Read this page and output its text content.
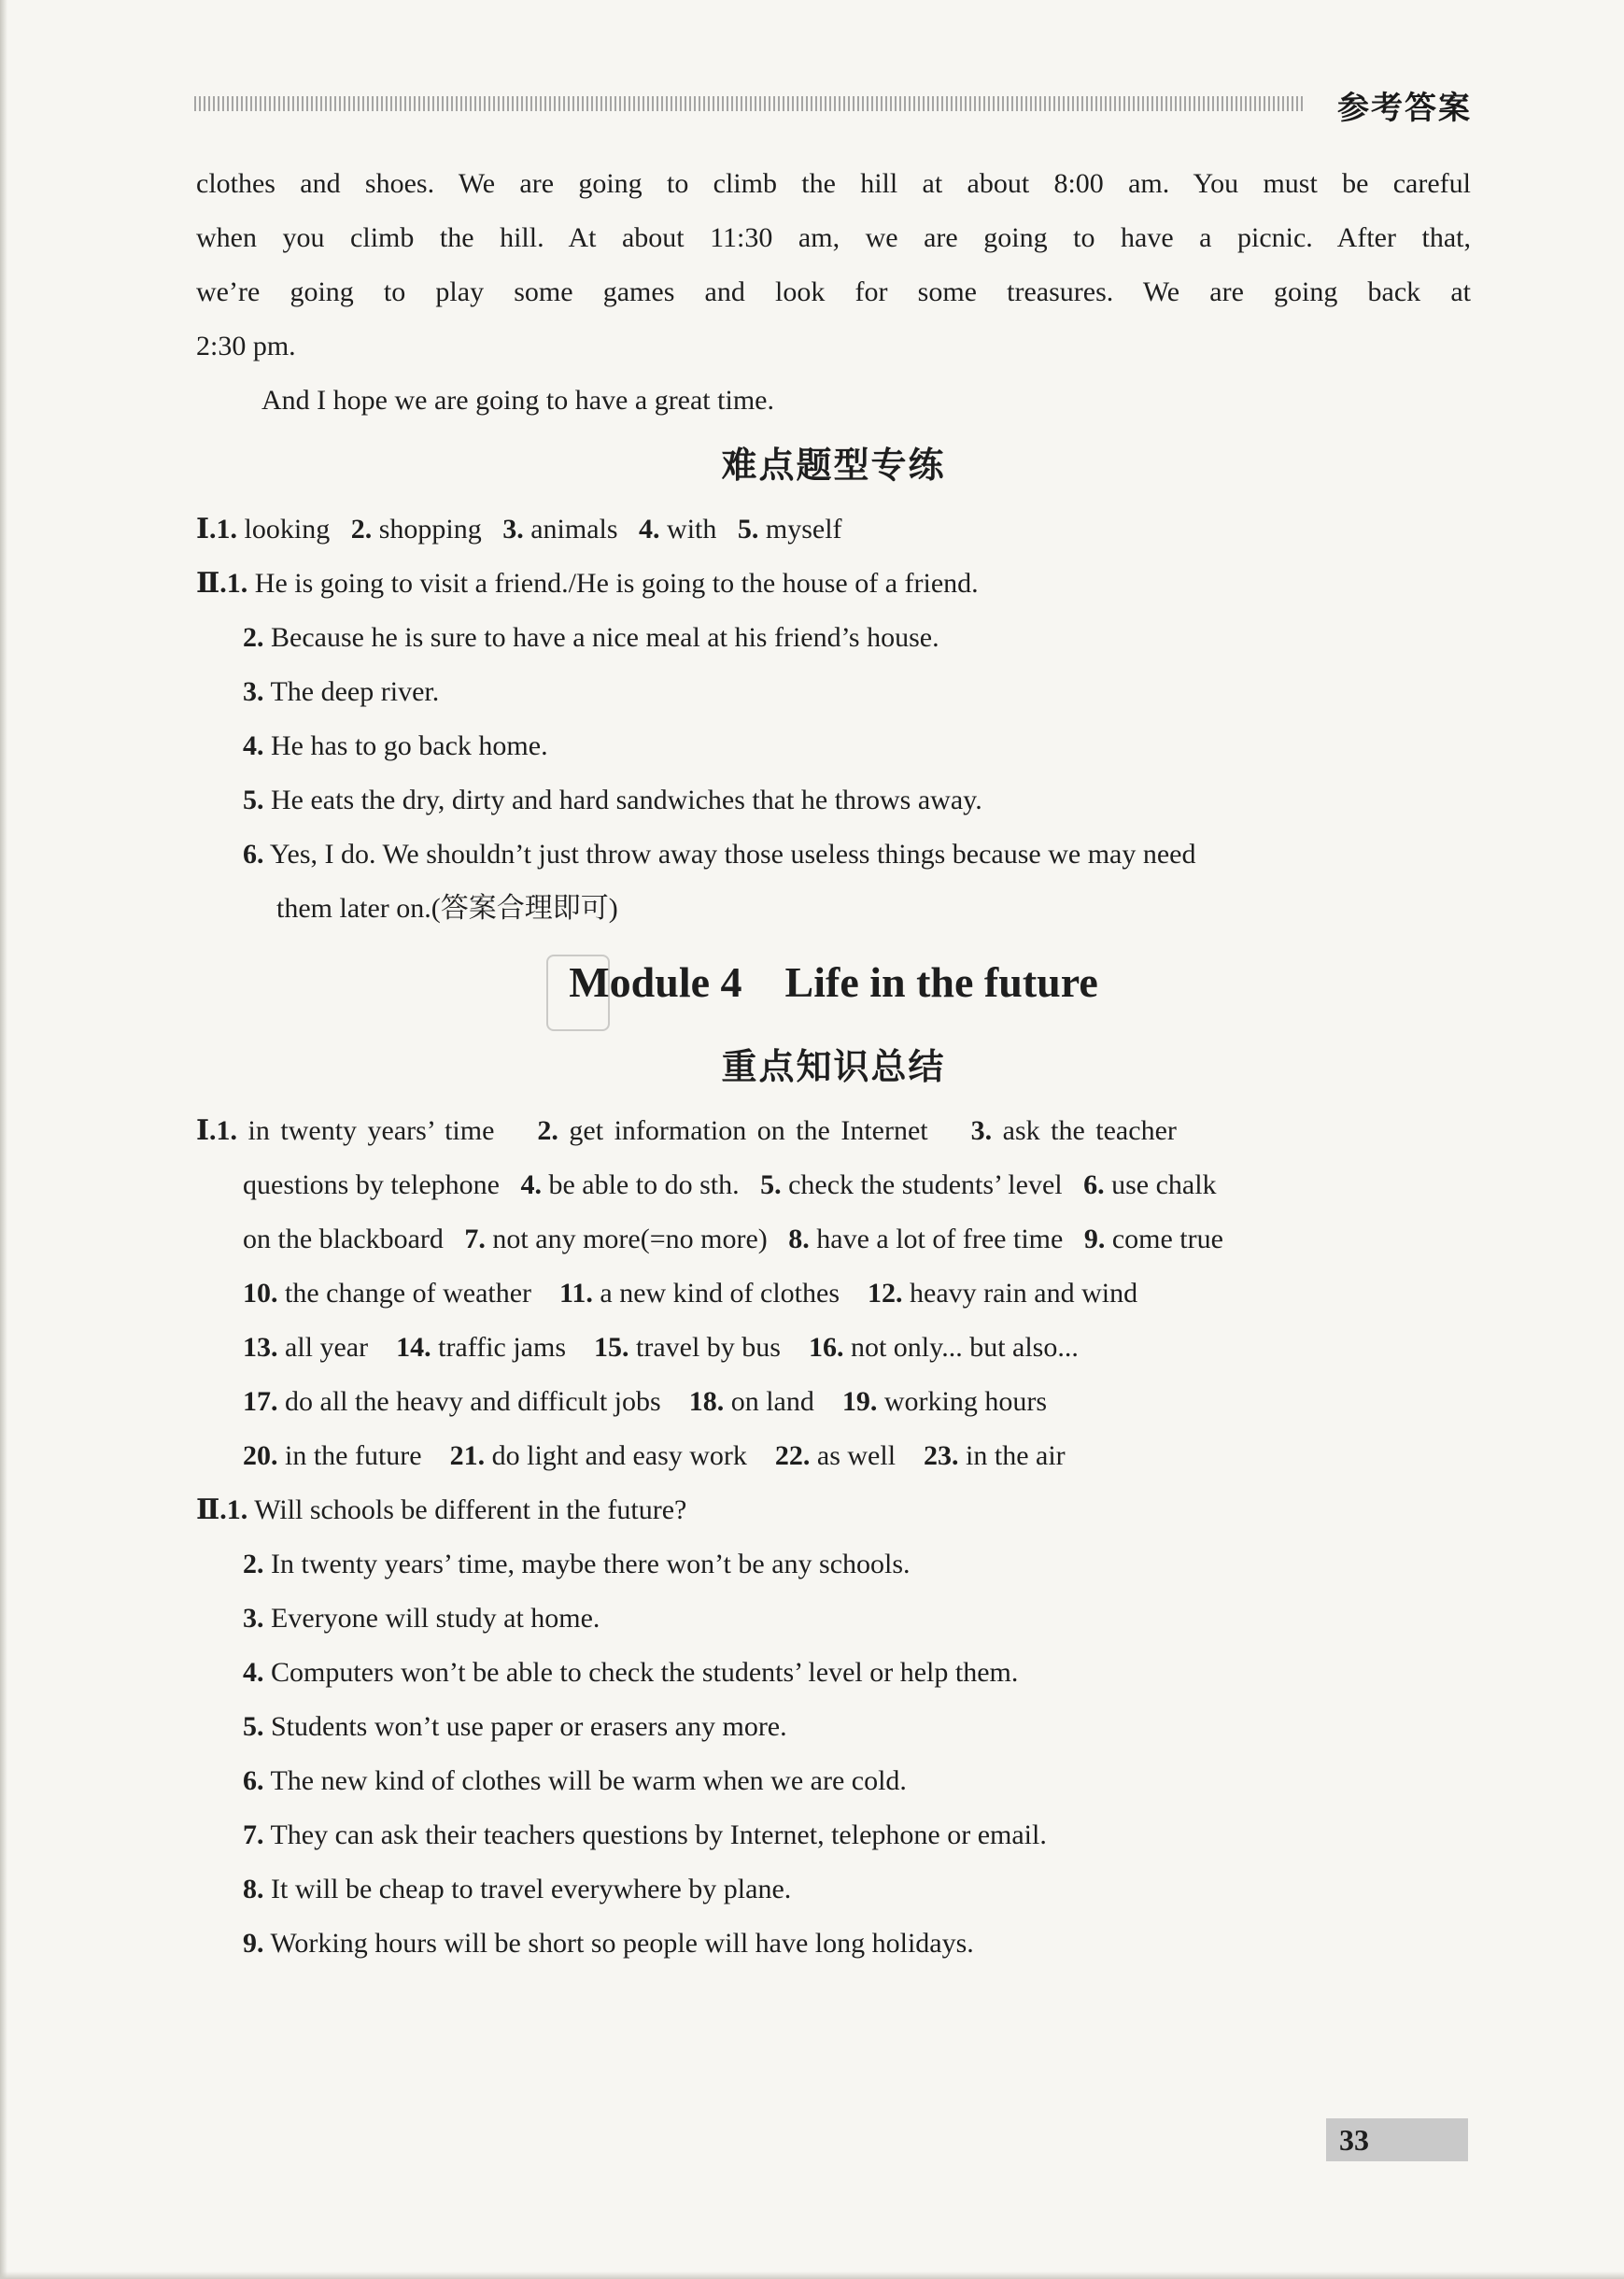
参考答案
clothes and shoes. We are going to climb the hill at about 8:00 am. You must be careful
when you climb the hill. At about 11:30 am, we are going to have a picnic. After that,
we’re going to play some games and look for some treasures. We are going back at
2:30 pm.
And I hope we are going to have a great time.
难点题型专练
Ⅰ.1. looking 2. shopping 3. animals 4. with 5. myself
Ⅱ.1. He is going to visit a friend./He is going to the house of a friend.
2. Because he is sure to have a nice meal at his friend’s house.
3. The deep river.
4. He has to go back home.
5. He eats the dry, dirty and hard sandwiches that he throws away.
6. Yes, I do. We shouldn’t just throw away those useless things because we may need
them later on.(答案合理即可)
Module 4    Life in the future
重点知识总结
Ⅰ.1. in twenty years’ time 2. get information on the Internet 3. ask the teacher
questions by telephone 4. be able to do sth. 5. check the students’ level 6. use chalk
on the blackboard 7. not any more(=no more) 8. have a lot of free time 9. come true
10. the change of weather 11. a new kind of clothes 12. heavy rain and wind
13. all year 14. traffic jams 15. travel by bus 16. not only... but also...
17. do all the heavy and difficult jobs 18. on land 19. working hours
20. in the future 21. do light and easy work 22. as well 23. in the air
Ⅱ.1. Will schools be different in the future?
2. In twenty years’ time, maybe there won’t be any schools.
3. Everyone will study at home.
4. Computers won’t be able to check the students’ level or help them.
5. Students won’t use paper or erasers any more.
6. The new kind of clothes will be warm when we are cold.
7. They can ask their teachers questions by Internet, telephone or email.
8. It will be cheap to travel everywhere by plane.
9. Working hours will be short so people will have long holidays.
33
